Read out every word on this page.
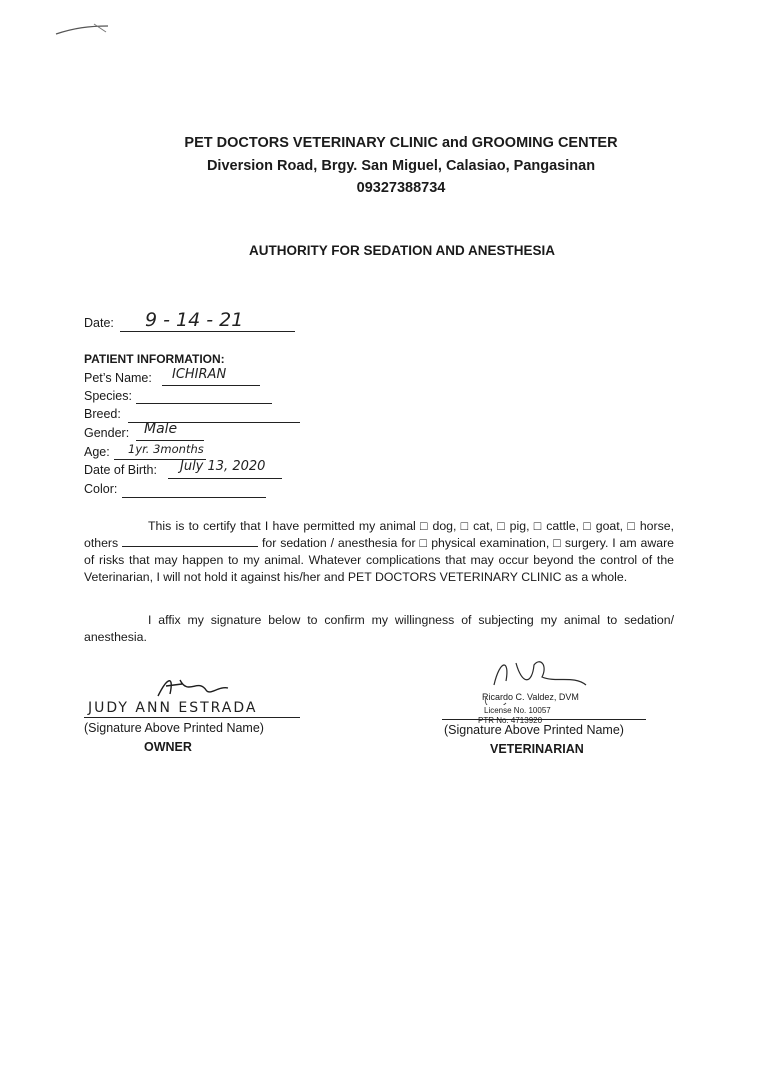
PET DOCTORS VETERINARY CLINIC and GROOMING CENTER
Diversion Road, Brgy. San Miguel, Calasiao, Pangasinan
09327388734
AUTHORITY FOR SEDATION AND ANESTHESIA
Date: 9 - 14 - 21
PATIENT INFORMATION:
Pet’s Name: ICHIRAN
Species:
Breed:
Gender: Male
Age: 1yr. 3months
Date of Birth: July 13, 2020
Color:
This is to certify that I have permitted my animal □ dog, □ cat, □ pig, □ cattle, □ goat, □ horse, others	for sedation / anesthesia for □ physical examination, □ surgery. I am aware of risks that may happen to my animal. Whatever complications that may occur beyond the control of the Veterinarian, I will not hold it against his/her and PET DOCTORS VETERINARY CLINIC as a whole.
I affix my signature below to confirm my willingness of subjecting my animal to sedation/ anesthesia.
JUDY ANN ESTRADA
(Signature Above Printed Name)
OWNER
Ricardo C. Valdez, DVM
License No. 10057
PTR No. 4713920
(Signature Above Printed Name)
VETERINARIAN
